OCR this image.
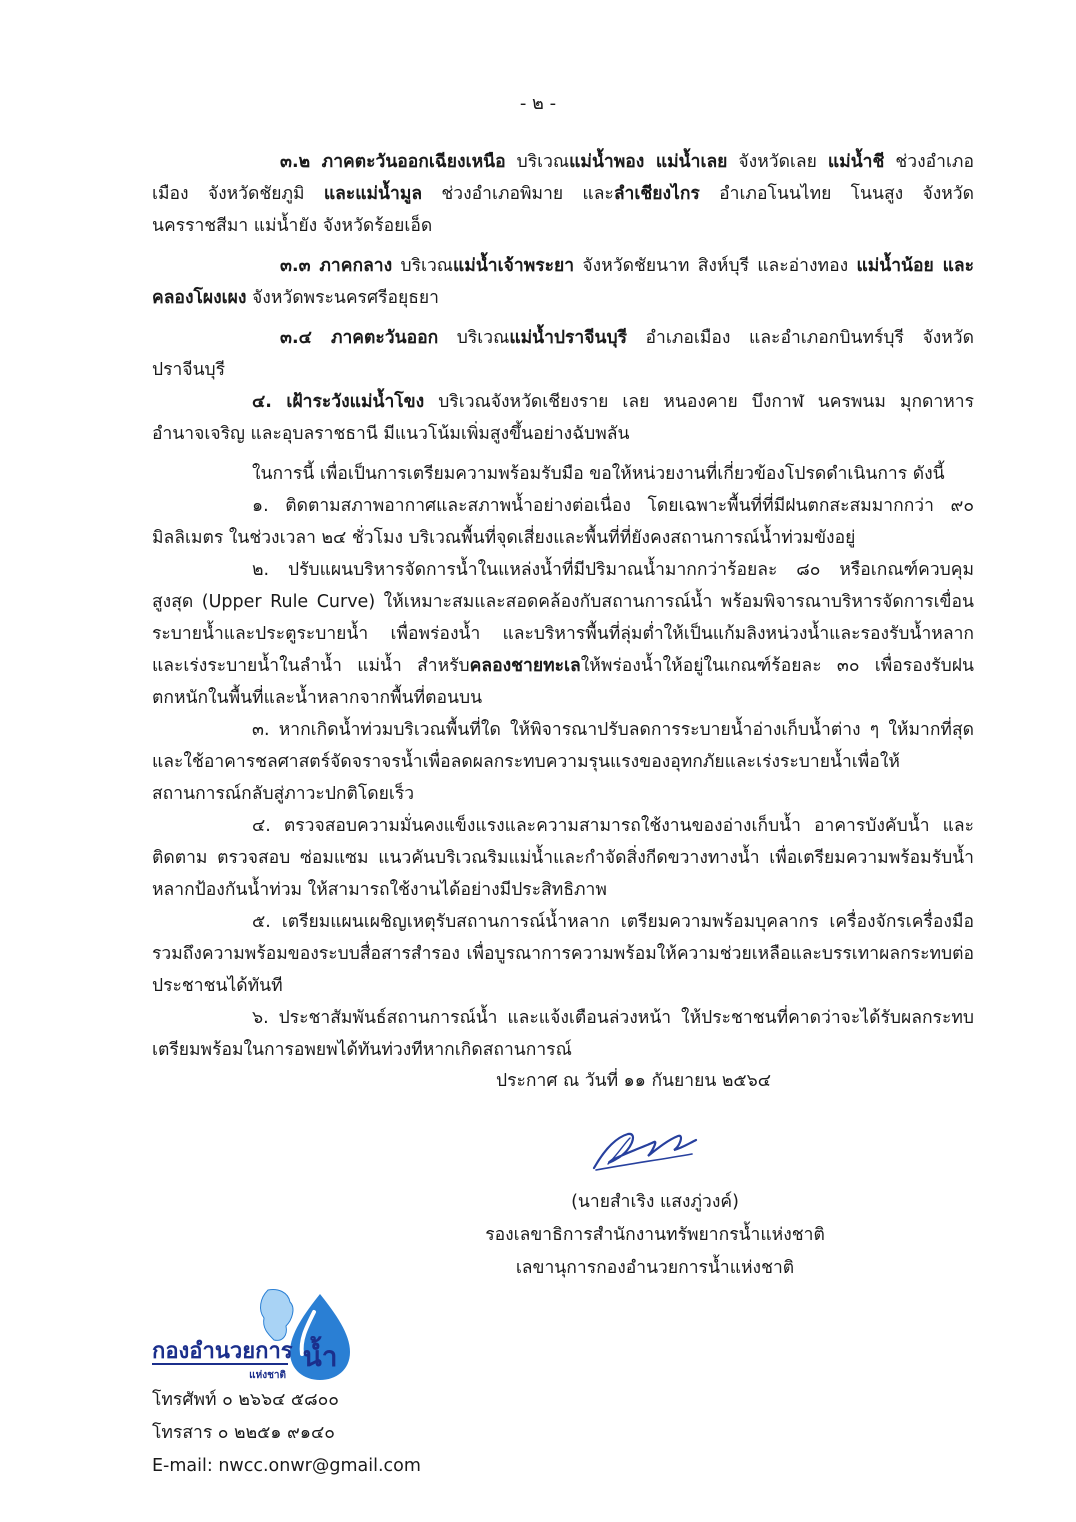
- ๒ -

๓.๒ ภาคตะวันออกเฉียงเหนือ บริเวณแม่น้ำพอง แม่น้ำเลย จังหวัดเลย แม่น้ำชี ช่วงอำเภอเมือง จังหวัดชัยภูมิ และแม่น้ำมูล ช่วงอำเภอพิมาย และลำเชียงไกร อำเภอโนนไทย โนนสูง จังหวัดนครราชสีมา แม่น้ำยัง จังหวัดร้อยเอ็ด

๓.๓ ภาคกลาง บริเวณแม่น้ำเจ้าพระยา จังหวัดชัยนาท สิงห์บุรี และอ่างทอง แม่น้ำน้อย และคลองโผงเผง จังหวัดพระนครศรีอยุธยา

๓.๔ ภาคตะวันออก บริเวณแม่น้ำปราจีนบุรี อำเภอเมือง และอำเภอกบินทร์บุรี จังหวัดปราจีนบุรี

๔. เฝ้าระวังแม่น้ำโขง บริเวณจังหวัดเชียงราย เลย หนองคาย บึงกาฬ นครพนม มุกดาหาร อำนาจเจริญ และอุบลราชธานี มีแนวโน้มเพิ่มสูงขึ้นอย่างฉับพลัน

ในการนี้ เพื่อเป็นการเตรียมความพร้อมรับมือ ขอให้หน่วยงานที่เกี่ยวข้องโปรดดำเนินการ ดังนี้

๑. ติดตามสภาพอากาศและสภาพน้ำอย่างต่อเนื่อง โดยเฉพาะพื้นที่ที่มีฝนตกสะสมมากกว่า ๙๐ มิลลิเมตร ในช่วงเวลา ๒๔ ชั่วโมง บริเวณพื้นที่จุดเสี่ยงและพื้นที่ที่ยังคงสถานการณ์น้ำท่วมขังอยู่

๒. ปรับแผนบริหารจัดการน้ำในแหล่งน้ำที่มีปริมาณน้ำมากกว่าร้อยละ ๘๐ หรือเกณฑ์ควบคุมสูงสุด (Upper Rule Curve) ให้เหมาะสมและสอดคล้องกับสถานการณ์น้ำ พร้อมพิจารณาบริหารจัดการเขื่อนระบายน้ำและประตูระบายน้ำ เพื่อพร่องน้ำ และบริหารพื้นที่ลุ่มต่ำให้เป็นแก้มลิงหน่วงน้ำและรองรับน้ำหลาก และเร่งระบายน้ำในลำน้ำ แม่น้ำ สำหรับคลองชายทะเลให้พร่องน้ำให้อยู่ในเกณฑ์ร้อยละ ๓๐ เพื่อรองรับฝนตกหนักในพื้นที่และน้ำหลากจากพื้นที่ตอนบน

๓. หากเกิดน้ำท่วมบริเวณพื้นที่ใด ให้พิจารณาปรับลดการระบายน้ำอ่างเก็บน้ำต่าง ๆ ให้มากที่สุด และใช้อาคารชลศาสตร์จัดจราจรน้ำเพื่อลดผลกระทบความรุนแรงของอุทกภัยและเร่งระบายน้ำเพื่อให้สถานการณ์กลับสู่ภาวะปกติโดยเร็ว

๔. ตรวจสอบความมั่นคงแข็งแรงและความสามารถใช้งานของอ่างเก็บน้ำ อาคารบังคับน้ำ และติดตาม ตรวจสอบ ซ่อมแซม แนวคันบริเวณริมแม่น้ำและกำจัดสิ่งกีดขวางทางน้ำ เพื่อเตรียมความพร้อมรับน้ำหลากป้องกันน้ำท่วม ให้สามารถใช้งานได้อย่างมีประสิทธิภาพ

๕. เตรียมแผนเผชิญเหตุรับสถานการณ์น้ำหลาก เตรียมความพร้อมบุคลากร เครื่องจักรเครื่องมือ รวมถึงความพร้อมของระบบสื่อสารสำรอง เพื่อบูรณาการความพร้อมให้ความช่วยเหลือและบรรเทาผลกระทบต่อประชาชนได้ทันที

๖. ประชาสัมพันธ์สถานการณ์น้ำ และแจ้งเตือนล่วงหน้า ให้ประชาชนที่คาดว่าจะได้รับผลกระทบ เตรียมพร้อมในการอพยพได้ทันท่วงทีหากเกิดสถานการณ์

ประกาศ ณ วันที่ ๑๑ กันยายน ๒๕๖๔
(นายสำเริง แสงภู่วงค์)
รองเลขาธิการสำนักงานทรัพยากรน้ำแห่งชาติ
เลขานุการกองอำนวยการน้ำแห่งชาติ
น้ำ
กองอำนวยการ
แห่งชาติ
โทรศัพท์ ๐ ๒๖๖๔ ๕๘๐๐
โทรสาร ๐ ๒๒๕๑ ๙๑๔๐
E-mail: nwcc.onwr@gmail.com
